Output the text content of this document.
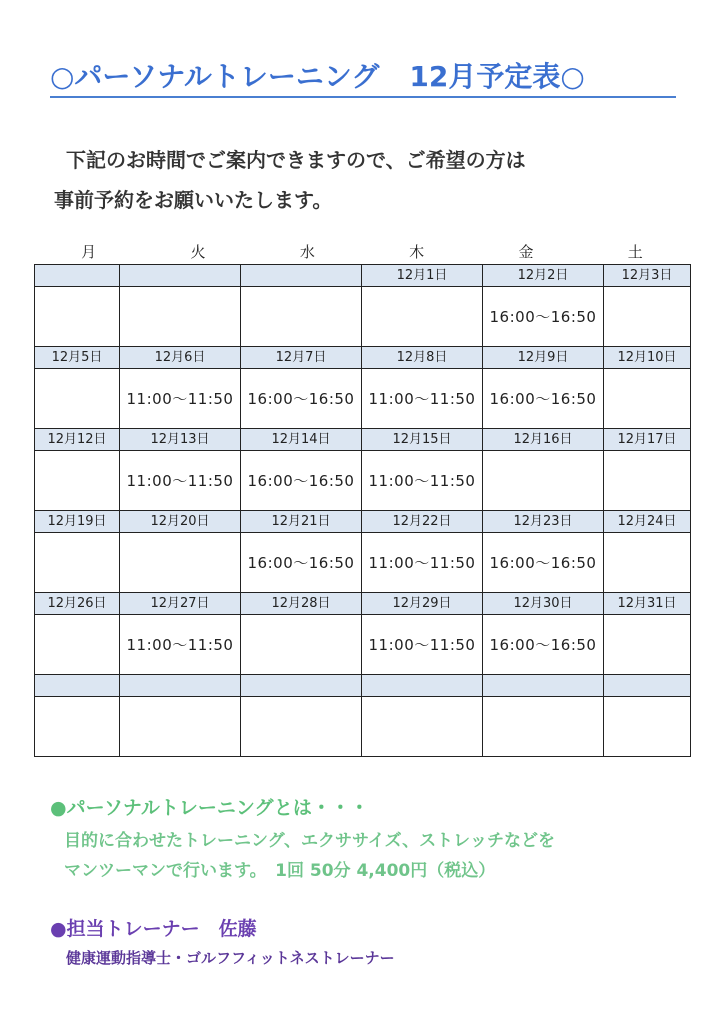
○パーソナルトレーニング 12月予定表○
下記のお時間でご案内できますので、ご希望の方は
事前予約をお願いいたします。
月	火	水	木	金	土
			12月1日	12月2日	12月3日
				16:00～16:50	
12月5日	12月6日	12月7日	12月8日	12月9日	12月10日
	11:00～11:50	16:00～16:50	11:00～11:50	16:00～16:50	
12月12日	12月13日	12月14日	12月15日	12月16日	12月17日
	11:00～11:50	16:00～16:50	11:00～11:50		
12月19日	12月20日	12月21日	12月22日	12月23日	12月24日
		16:00～16:50	11:00～11:50	16:00～16:50	
12月26日	12月27日	12月28日	12月29日	12月30日	12月31日
	11:00～11:50		11:00～11:50	16:00～16:50	

●パーソナルトレーニングとは・・・
目的に合わせたトレーニング、エクササイズ、ストレッチなどを
マンツーマンで行います。　1回 50分 4,400円（税込）
●担当トレーナー　佐藤
健康運動指導士・ゴルフフィットネストレーナー
